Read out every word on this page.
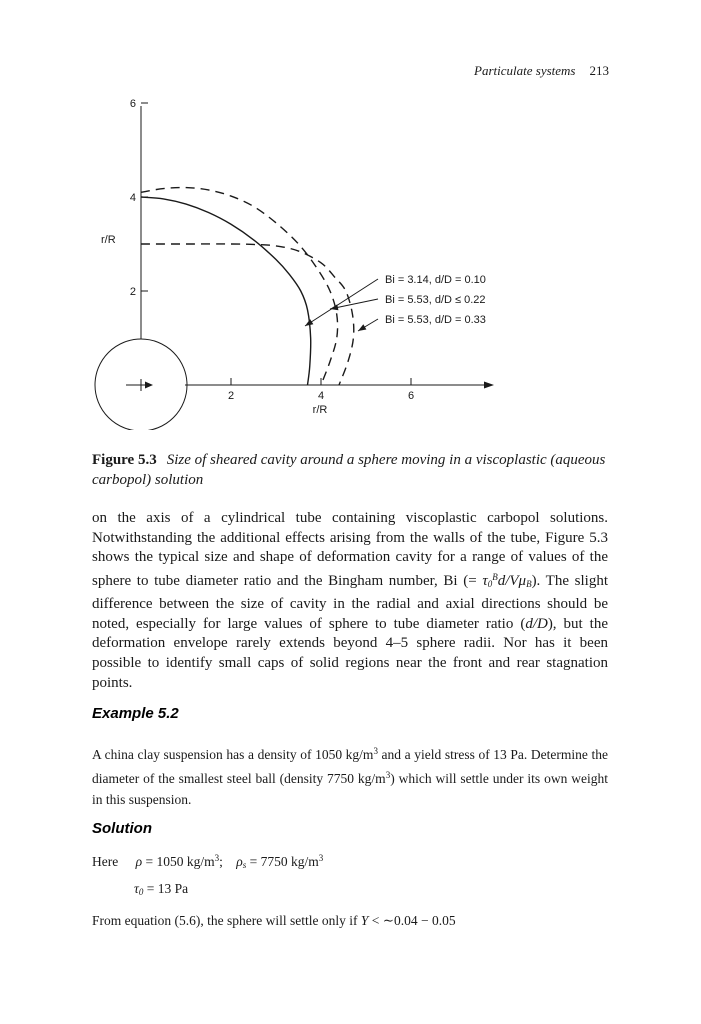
Particulate systems 213
2	4	6
2
4
6
Bi = 3.14, d/D = 0.10
Bi = 5.53, d/D ≤ 0.22
Bi = 5.53, d/D = 0.33
r/R
r/R
Figure 5.3 Size of sheared cavity around a sphere moving in a viscoplastic (aqueous carbopol) solution
on the axis of a cylindrical tube containing viscoplastic carbopol solutions. Notwithstanding the additional effects arising from the walls of the tube, Figure 5.3 shows the typical size and shape of deformation cavity for a range of values of the sphere to tube diameter ratio and the Bingham number, Bi (= $\tau_0^Bd/V\mu_B$). The slight difference between the size of cavity in the radial and axial directions should be noted, especially for large values of sphere to tube diameter ratio (d/D), but the deformation envelope rarely extends beyond 4–5 sphere radii. Nor has it been possible to identify small caps of solid regions near the front and rear stagnation points.
Example 5.2
A china clay suspension has a density of 1050 $kg/m^3$ and a yield stress of 13 Pa. Determine the diameter of the smallest steel ball (density 7750 $kg/m^3$) which will settle under its own weight in this suspension.
Solution
Here ρ = 1050 $kg/m^3$; $\rho_s = 7750$ $kg/m^3$
$\tau_0 = 13$ Pa
From equation (5.6), the sphere will settle only if Y < ∼0.04 − 0.05
